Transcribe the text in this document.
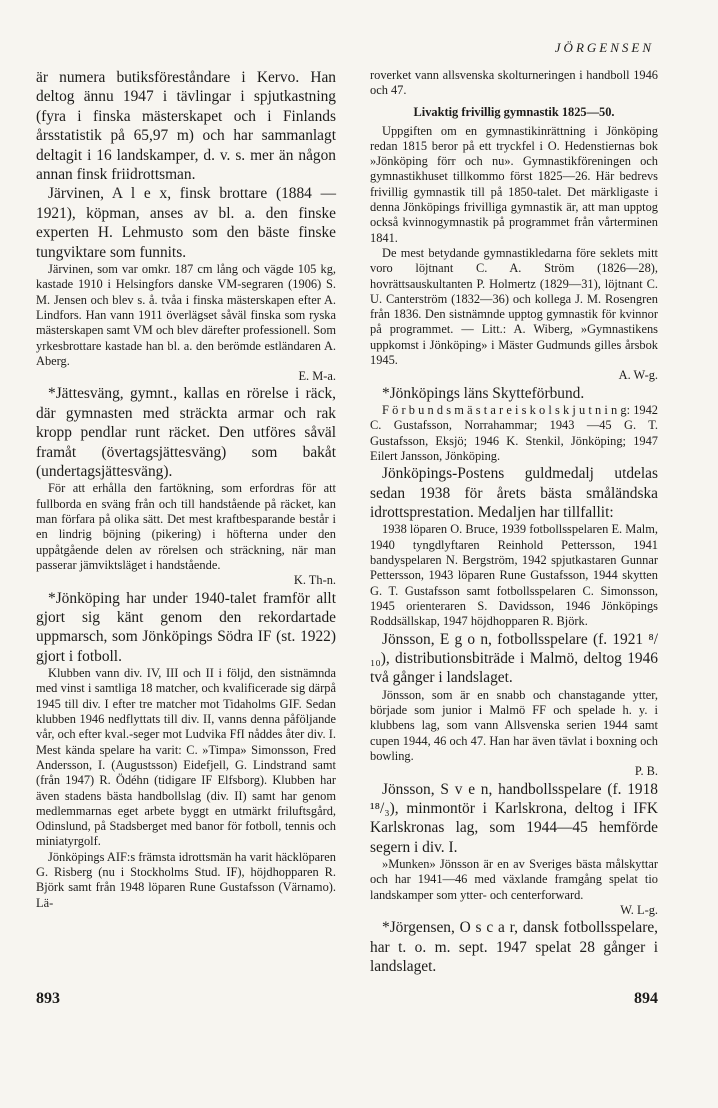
JÖRGENSEN

är numera butiksföreståndare i Kervo. Han deltog ännu 1947 i tävlingar i spjutkastning (fyra i finska mästerskapet och i Finlands årsstatistik på 65,97 m) och har sammanlagt deltagit i 16 landskamper, d. v. s. mer än någon annan finsk friidrottsman.

Järvinen, A l e x, finsk brottare (1884 —1921), köpman, anses av bl. a. den finske experten H. Lehmusto som den bäste finske tungviktare som funnits.

Järvinen, som var omkr. 187 cm lång och vägde 105 kg, kastade 1910 i Helsingfors danske VM-segraren (1906) S. M. Jensen och blev s. å. tvåa i finska mästerskapen efter A. Lindfors. Han vann 1911 överlägset såväl finska som ryska mästerskapen samt VM och blev därefter professionell. Som yrkesbrottare kastade han bl. a. den berömde estländaren A. Aberg.

E. M-a.

*Jättesväng, gymnt., kallas en rörelse i räck, där gymnasten med sträckta armar och rak kropp pendlar runt räcket. Den utföres såväl framåt (övertagsjättesväng) som bakåt (undertagsjättesväng).

För att erhålla den fartökning, som erfordras för att fullborda en sväng från och till handstående på räcket, kan man förfara på olika sätt. Det mest kraftbesparande består i en lindrig böjning (pikering) i höfterna under den uppåtgående delen av rörelsen och sträckning, när man passerar jämviktsläget i handstående.

K. Th-n.

*Jönköping har under 1940-talet framför allt gjort sig känt genom den rekordartade uppmarsch, som Jönköpings Södra IF (st. 1922) gjort i fotboll.

Klubben vann div. IV, III och II i följd, den sistnämnda med vinst i samtliga 18 matcher, och kvalificerade sig därpå 1945 till div. I efter tre matcher mot Tidaholms GIF. Sedan klubben 1946 nedflyttats till div. II, vanns denna påföljande vår, och efter kval.-seger mot Ludvika FfI nåddes åter div. I. Mest kända spelare ha varit: C. »Timpa» Simonsson, Fred Andersson, I. (Augustsson) Eidefjell, G. Lindstrand samt (från 1947) R. Ödéhn (tidigare IF Elfsborg). Klubben har även stadens bästa handbollslag (div. II) samt har genom medlemmarnas eget arbete byggt en utmärkt friluftsgård, Odinslund, på Stadsberget med banor för fotboll, tennis och miniatyrgolf.

Jönköpings AIF:s främsta idrottsmän ha varit häcklöparen G. Risberg (nu i Stockholms Stud. IF), höjdhopparen R. Björk samt från 1948 löparen Rune Gustafsson (Värnamo). Lä-

roverket vann allsvenska skolturneringen i handboll 1946 och 47.

Livaktig frivillig gymnastik 1825—50.

Uppgiften om en gymnastikinrättning i Jönköping redan 1815 beror på ett tryckfel i O. Hedenstiernas bok »Jönköping förr och nu». Gymnastikföreningen och gymnastikhuset tillkommo först 1825—26. Här bedrevs frivillig gymnastik till på 1850-talet. Det märkligaste i denna Jönköpings frivilliga gymnastik är, att man upptog också kvinnogymnastik på programmet från vårterminen 1841.

De mest betydande gymnastikledarna före seklets mitt voro löjtnant C. A. Ström (1826—28), hovrättsauskultanten P. Holmertz (1829—31), löjtnant C. U. Canterström (1832—36) och kollega J. M. Rosengren från 1836. Den sistnämnde upptog gymnastik för kvinnor på programmet. — Litt.: A. Wiberg, »Gymnastikens uppkomst i Jönköping» i Mäster Gudmunds gilles årsbok 1945.

A. W-g.

*Jönköpings läns Skytteförbund.

F ö r b u n d s m ä s t a r e i s k o l s k j u t n i n g: 1942 C. Gustafsson, Norrahammar; 1943 —45 G. T. Gustafsson, Eksjö; 1946 K. Stenkil, Jönköping; 1947 Eilert Jansson, Jönköping.

Jönköpings-Postens guldmedalj utdelas sedan 1938 för årets bästa småländska idrottsprestation. Medaljen har tillfallit:

1938 löparen O. Bruce, 1939 fotbollsspelaren E. Malm, 1940 tyngdlyftaren Reinhold Pettersson, 1941 bandyspelaren N. Bergström, 1942 spjutkastaren Gunnar Pettersson, 1943 löparen Rune Gustafsson, 1944 skytten G. T. Gustafsson samt fotbollsspelaren C. Simonsson, 1945 orienteraren S. Davidsson, 1946 Jönköpings Roddsällskap, 1947 höjdhopparen R. Björk.

Jönsson, E g o n, fotbollsspelare (f. 1921 ⁸/₁₀), distributionsbiträde i Malmö, deltog 1946 två gånger i landslaget.

Jönsson, som är en snabb och chanstagande ytter, började som junior i Malmö FF och spelade h. y. i klubbens lag, som vann Allsvenska serien 1944 samt cupen 1944, 46 och 47. Han har även tävlat i boxning och bowling.

P. B.

Jönsson, S v e n, handbollsspelare (f. 1918 ¹⁸/₃), minmontör i Karlskrona, deltog i IFK Karlskronas lag, som 1944—45 hemförde segern i div. I.

»Munken» Jönsson är en av Sveriges bästa målskyttar och har 1941—46 med växlande framgång spelat tio landskamper som ytter- och centerforward.

W. L-g.

*Jörgensen, O s c a r, dansk fotbollsspelare, har t. o. m. sept. 1947 spelat 28 gånger i landslaget.

893	894
